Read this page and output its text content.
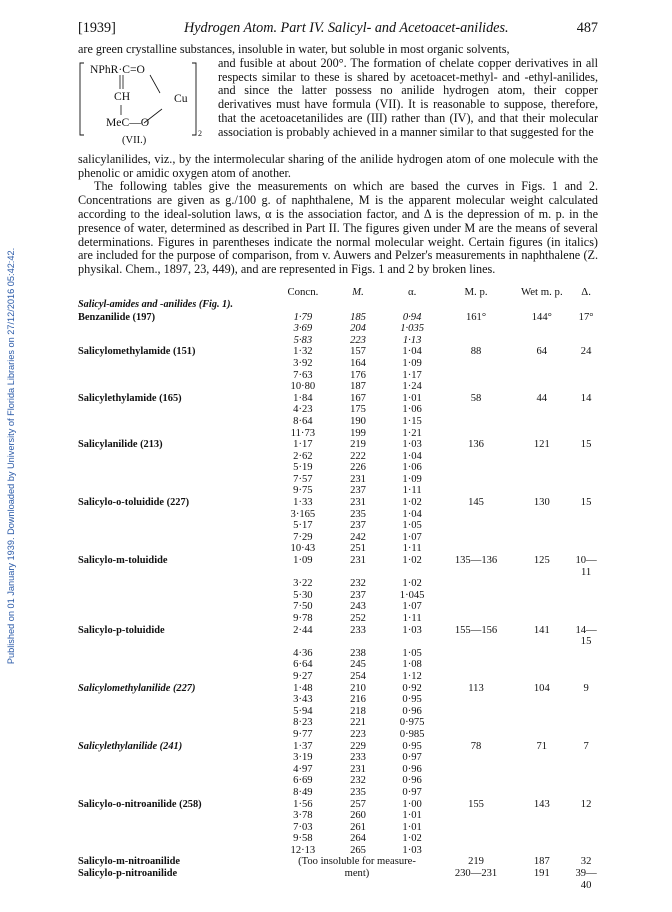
Published on 01 January 1939. Downloaded by University of Florida Libraries on 27/12/2016 05:42:42.
[1939]	Hydrogen Atom. Part IV. Salicyl- and Acetoacet-anilides.	487

are green crystalline substances, insoluble in water, but soluble in most organic solvents,

NPhR·C=O
CH	Cu
MeC—O
2
(VII.)

and fusible at about 200°. The formation of chelate copper derivatives in all respects similar to these is shared by acetoacet-methyl- and -ethyl-anilides, and since the latter possess no anilide hydrogen atom, their copper derivatives must have formula (VII). It is reasonable to suppose, therefore, that the acetoacetanilides are (III) rather than (IV), and that their molecular association is probably achieved in a manner similar to that suggested for the

salicylanilides, viz., by the intermolecular sharing of the anilide hydrogen atom of one molecule with the phenolic or amidic oxygen atom of another.

The following tables give the measurements on which are based the curves in Figs. 1 and 2. Concentrations are given as g./100 g. of naphthalene, M is the apparent molecular weight calculated according to the ideal-solution laws, α is the association factor, and Δ is the depression of m. p. in the presence of water, determined as described in Part II. The figures given under M are the means of several determinations. Figures in parentheses indicate the normal molecular weight. Certain figures (in italics) are included for the purpose of comparison, from v. Auwers and Pelzer's measurements in naphthalene (Z. physikal. Chem., 1897, 23, 449), and are represented in Figs. 1 and 2 by broken lines.

	Concn.	M.	α.	M. p.	Wet m. p.	Δ.
Salicyl-amides and -anilides (Fig. 1).						
Benzanilide (197)	1·79	185	0·94	161°	144°	17°
	3·69	204	1·035			
	5·83	223	1·13			
Salicylomethylamide (151)	1·32	157	1·04	88	64	24
	3·92	164	1·09			
	7·63	176	1·17			
	10·80	187	1·24			
Salicylethylamide (165)	1·84	167	1·01	58	44	14
	4·23	175	1·06			
	8·64	190	1·15			
	11·73	199	1·21			
Salicylanilide (213)	1·17	219	1·03	136	121	15
	2·62	222	1·04			
	5·19	226	1·06			
	7·57	231	1·09			
	9·75	237	1·11			
Salicylo-o-toluidide (227)	1·33	231	1·02	145	130	15
	3·165	235	1·04			
	5·17	237	1·05			
	7·29	242	1·07			
	10·43	251	1·11			
Salicylo-m-toluidide	1·09	231	1·02	135—136	125	10—11
	3·22	232	1·02			
	5·30	237	1·045			
	7·50	243	1·07			
	9·78	252	1·11			
Salicylo-p-toluidide	2·44	233	1·03	155—156	141	14—15
	4·36	238	1·05			
	6·64	245	1·08			
	9·27	254	1·12			
Salicylomethylanilide (227)	1·48	210	0·92	113	104	9
	3·43	216	0·95			
	5·94	218	0·96			
	8·23	221	0·975			
	9·77	223	0·985			
Salicylethylanilide (241)	1·37	229	0·95	78	71	7
	3·19	233	0·97			
	4·97	231	0·96			
	6·69	232	0·96			
	8·49	235	0·97			
Salicylo-o-nitroanilide (258)	1·56	257	1·00	155	143	12
	3·78	260	1·01			
	7·03	261	1·01			
	9·58	264	1·02			
	12·13	265	1·03			
Salicylo-m-nitroanilide	(Too insoluble for measure-			219	187	32
Salicylo-p-nitroanilide	ment)			230—231	191	39—40
